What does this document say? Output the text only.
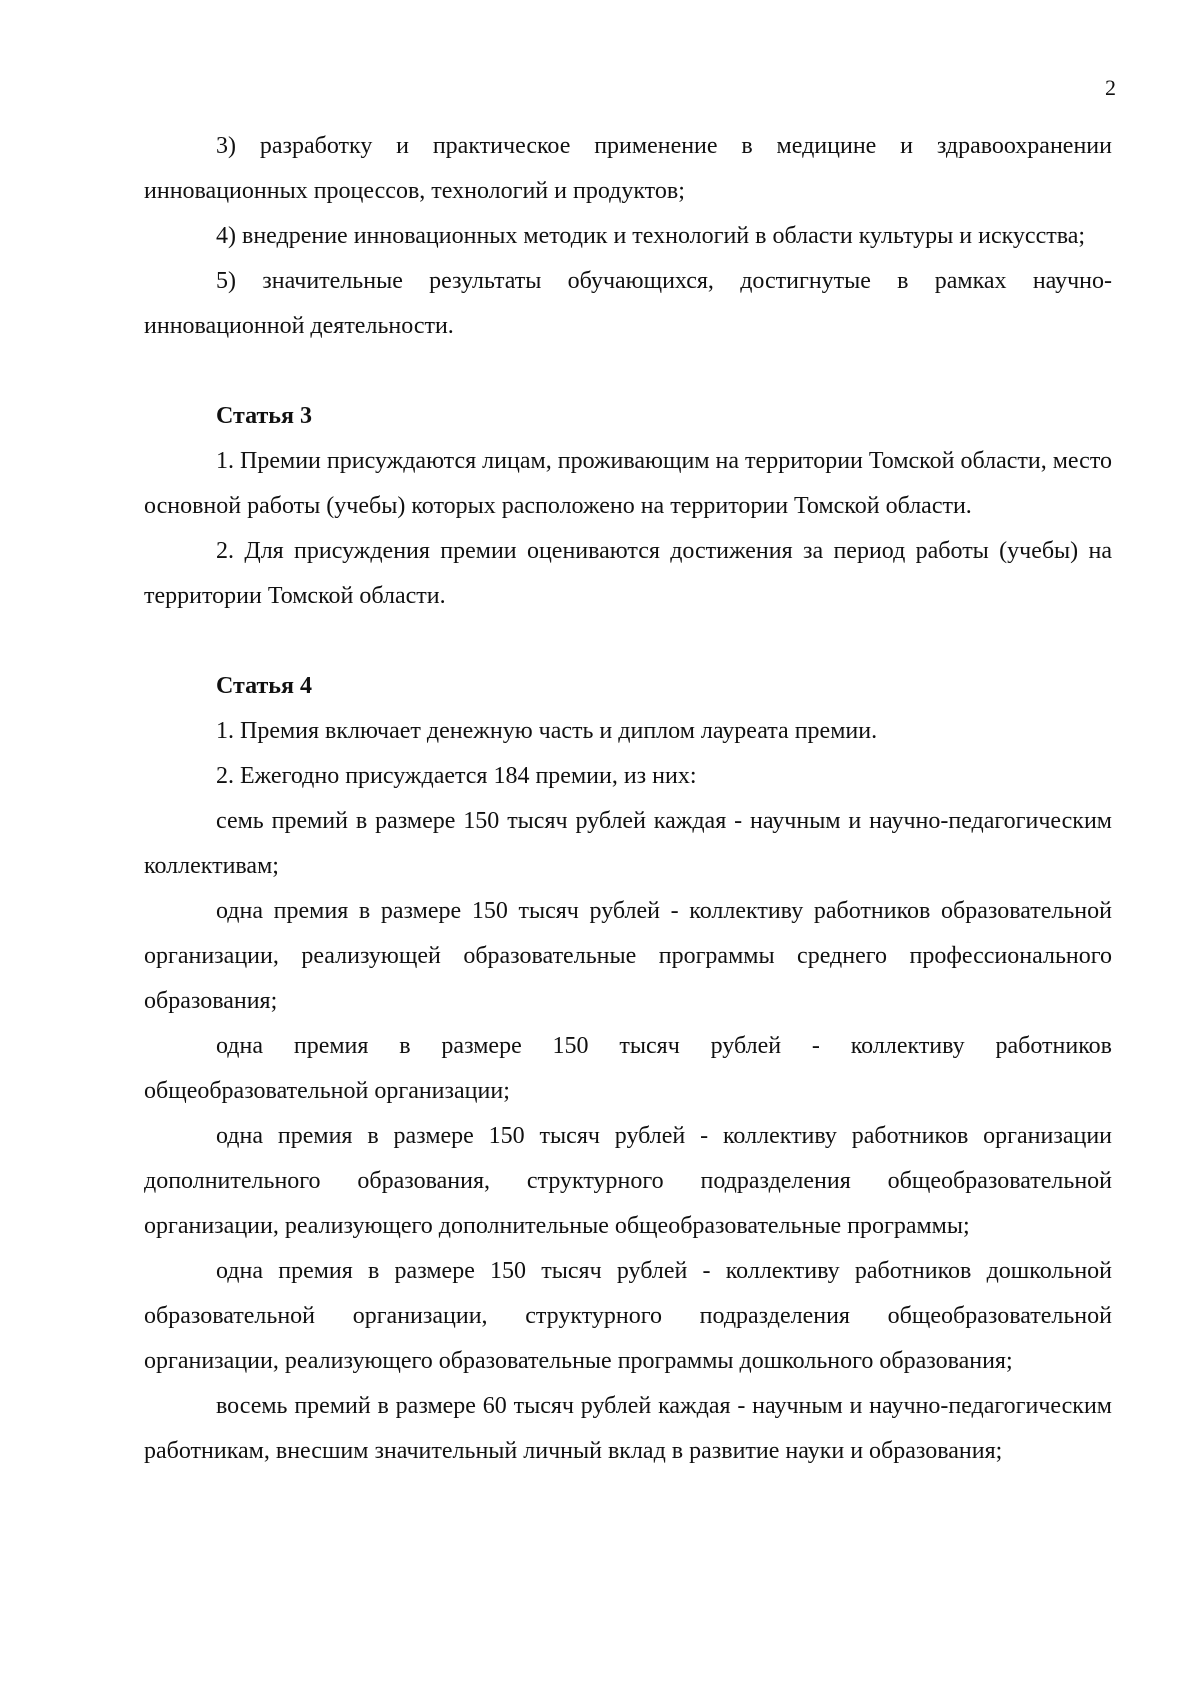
2

3) разработку и практическое применение в медицине и здравоохранении инновационных процессов, технологий и продуктов;

4) внедрение инновационных методик и технологий в области культуры и искусства;

5) значительные результаты обучающихся, достигнутые в рамках научно-инновационной деятельности.

Статья 3

1. Премии присуждаются лицам, проживающим на территории Томской области, место основной работы (учебы) которых расположено на территории Томской области.

2. Для присуждения премии оцениваются достижения за период работы (учебы) на территории Томской области.

Статья 4

1. Премия включает денежную часть и диплом лауреата премии.

2. Ежегодно присуждается 184 премии, из них:

семь премий в размере 150 тысяч рублей каждая - научным и научно-педагогическим коллективам;

одна премия в размере 150 тысяч рублей - коллективу работников образовательной организации, реализующей образовательные программы среднего профессионального образования;

одна премия в размере 150 тысяч рублей - коллективу работников общеобразовательной организации;

одна премия в размере 150 тысяч рублей - коллективу работников организации дополнительного образования, структурного подразделения общеобразовательной организации, реализующего дополнительные общеобразовательные программы;

одна премия в размере 150 тысяч рублей - коллективу работников дошкольной образовательной организации, структурного подразделения общеобразовательной организации, реализующего образовательные программы дошкольного образования;

восемь премий в размере 60 тысяч рублей каждая - научным и научно-педагогическим работникам, внесшим значительный личный вклад в развитие науки и образования;
